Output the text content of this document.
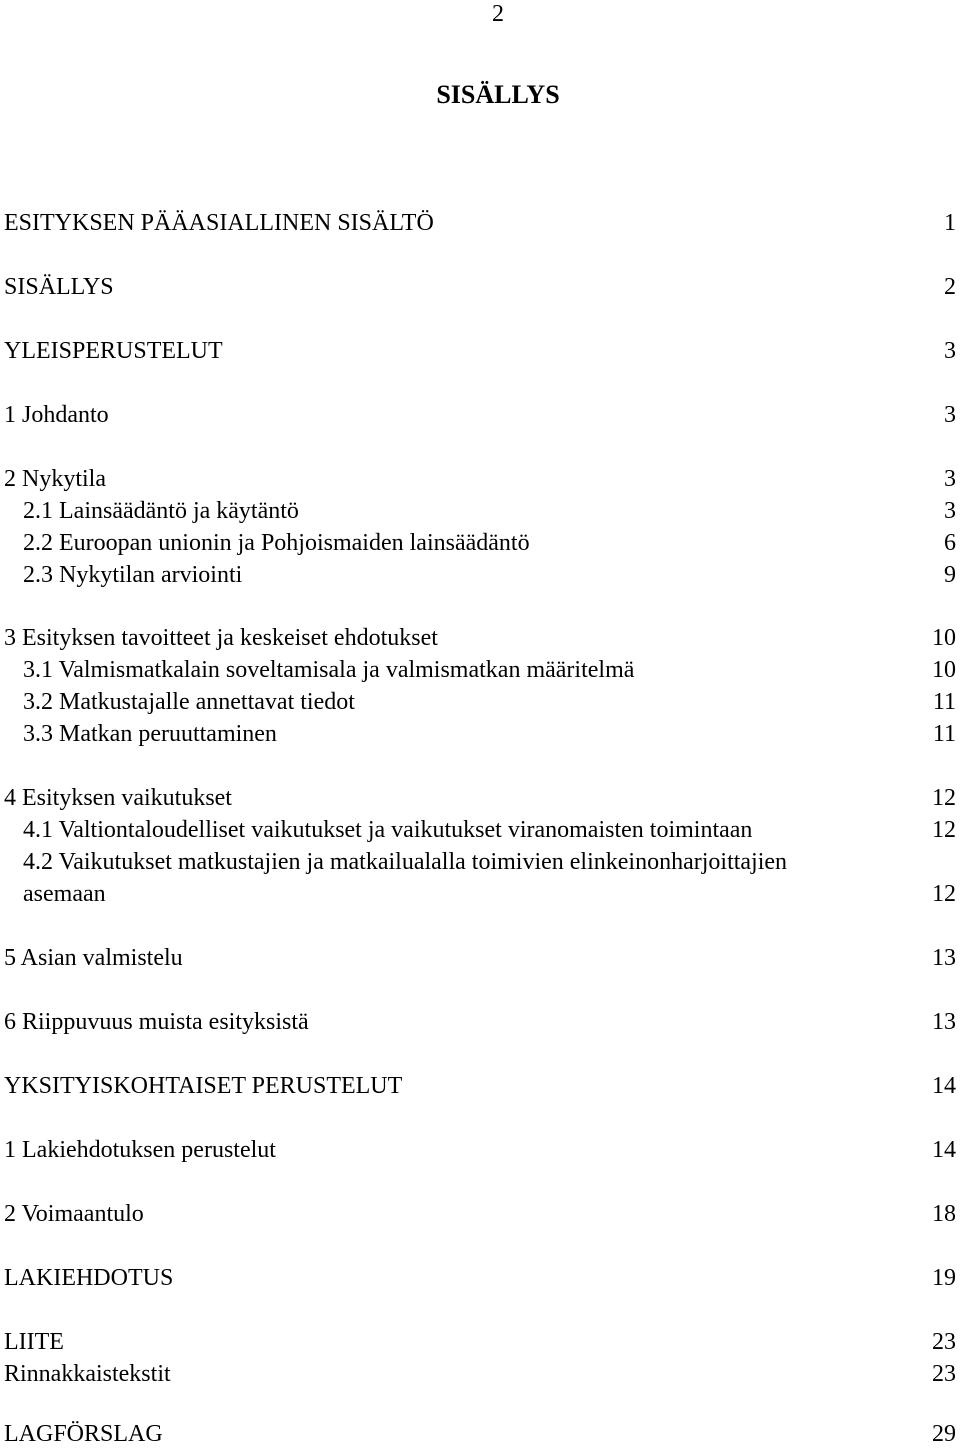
2
SISÄLLYS
ESITYKSEN PÄÄASIALLINEN SISÄLTÖ	1
SISÄLLYS	2
YLEISPERUSTELUT	3
1 Johdanto	3
2 Nykytila	3
2.1 Lainsäädäntö ja käytäntö	3
2.2 Euroopan unionin ja Pohjoismaiden lainsäädäntö	6
2.3 Nykytilan arviointi	9
3 Esityksen tavoitteet ja keskeiset ehdotukset	10
3.1 Valmismatkalain soveltamisala ja valmismatkan määritelmä	10
3.2 Matkustajalle annettavat tiedot	11
3.3 Matkan peruuttaminen	11
4 Esityksen vaikutukset	12
4.1 Valtiontaloudelliset vaikutukset ja vaikutukset viranomaisten toimintaan	12
4.2 Vaikutukset matkustajien ja matkailualalla toimivien elinkeinonharjoittajien
asemaan	12
5 Asian valmistelu	13
6 Riippuvuus muista esityksistä	13
YKSITYISKOHTAISET PERUSTELUT	14
1 Lakiehdotuksen perustelut	14
2 Voimaantulo	18
LAKIEHDOTUS	19
LIITE	23
Rinnakkaistekstit	23
LAGFÖRSLAG	29
